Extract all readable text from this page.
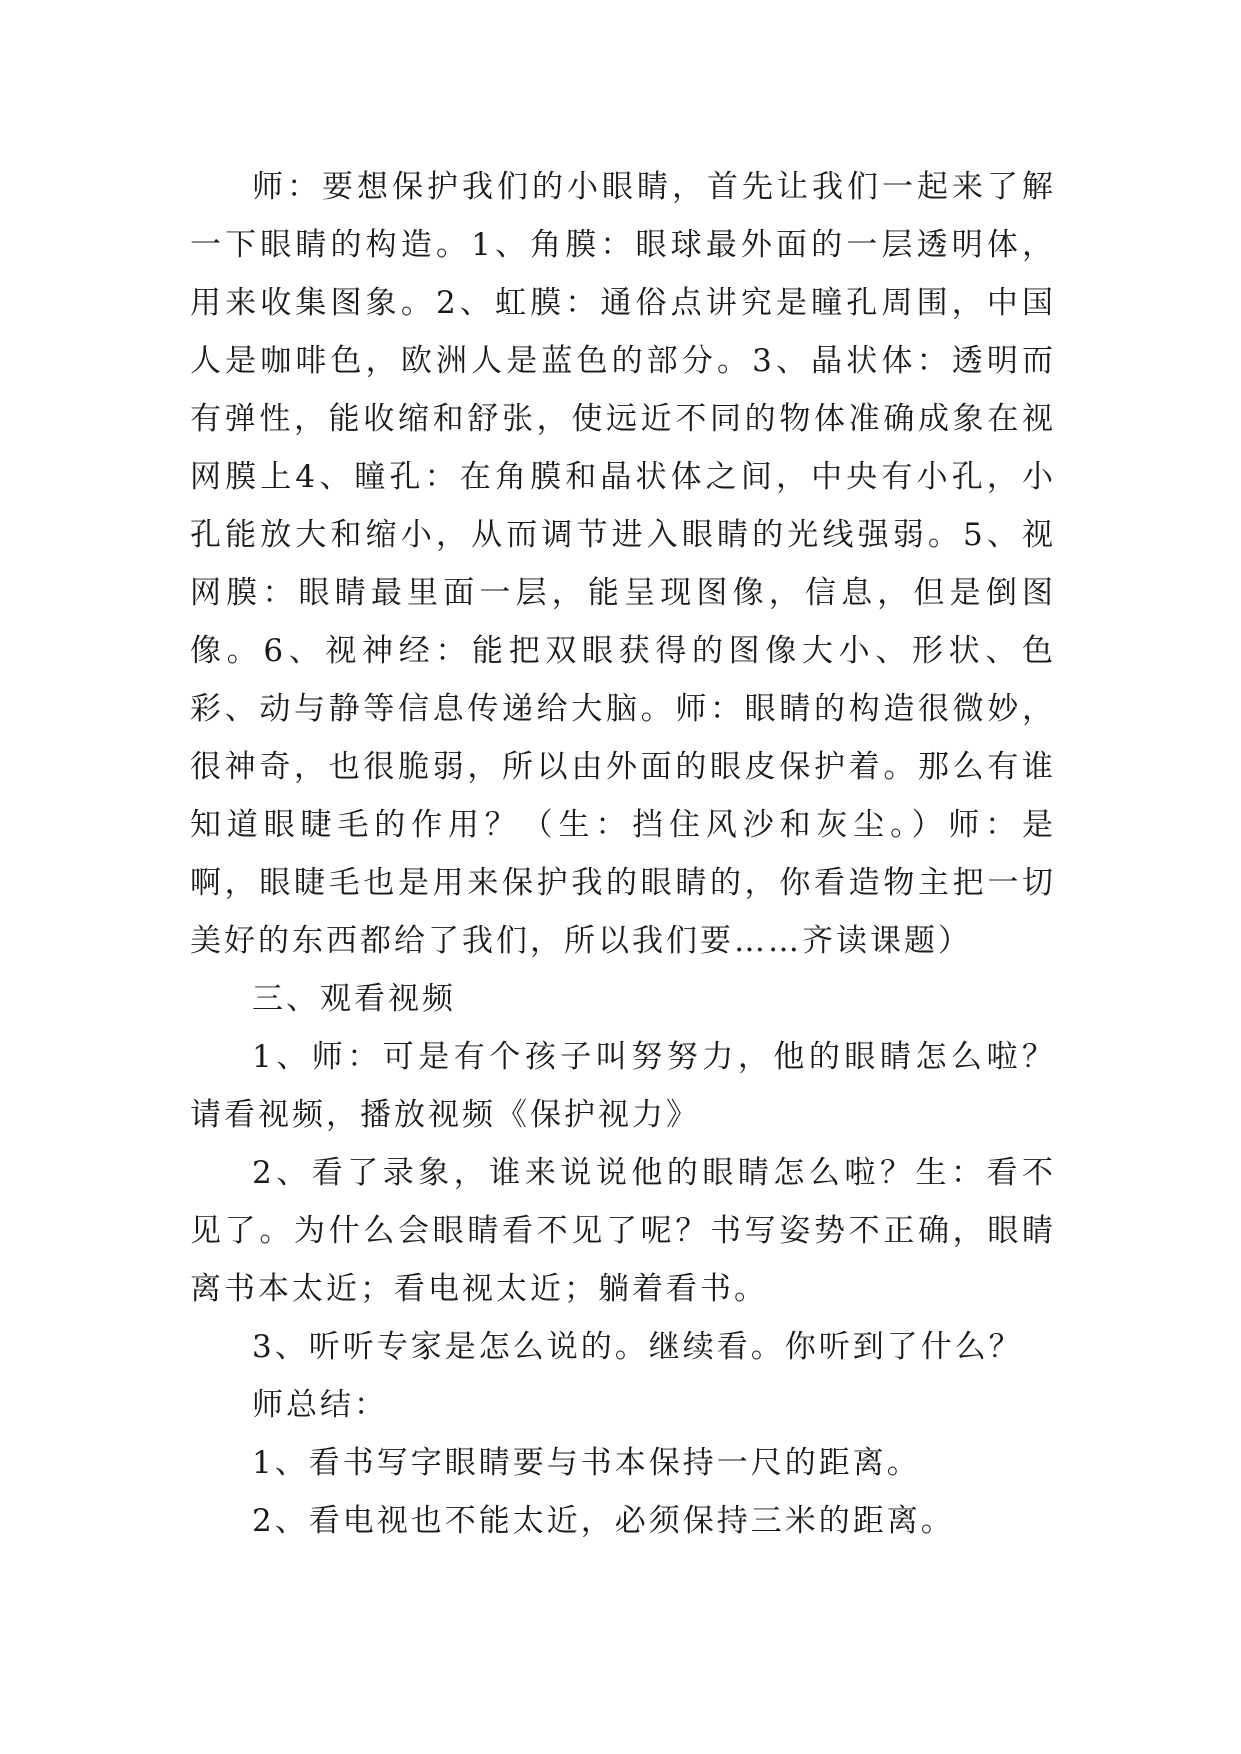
师：要想保护我们的小眼睛，首先让我们一起来了解一下眼睛的构造。1、角膜：眼球最外面的一层透明体，用来收集图象。2、虹膜：通俗点讲究是瞳孔周围，中国人是咖啡色，欧洲人是蓝色的部分。3、晶状体：透明而有弹性，能收缩和舒张，使远近不同的物体准确成象在视网膜上4、瞳孔：在角膜和晶状体之间，中央有小孔，小孔能放大和缩小，从而调节进入眼睛的光线强弱。5、视网膜：眼睛最里面一层，能呈现图像，信息，但是倒图像。6、视神经：能把双眼获得的图像大小、形状、色彩、动与静等信息传递给大脑。师：眼睛的构造很微妙，很神奇，也很脆弱，所以由外面的眼皮保护着。那么有谁知道眼睫毛的作用？（生：挡住风沙和灰尘。）师：是啊，眼睫毛也是用来保护我的眼睛的，你看造物主把一切美好的东西都给了我们，所以我们要……齐读课题）

三、观看视频

1、师：可是有个孩子叫努努力，他的眼睛怎么啦？请看视频，播放视频《保护视力》

2、看了录象，谁来说说他的眼睛怎么啦？生：看不见了。为什么会眼睛看不见了呢？书写姿势不正确，眼睛离书本太近；看电视太近；躺着看书。

3、听听专家是怎么说的。继续看。你听到了什么？

师总结：

1、看书写字眼睛要与书本保持一尺的距离。

2、看电视也不能太近，必须保持三米的距离。
